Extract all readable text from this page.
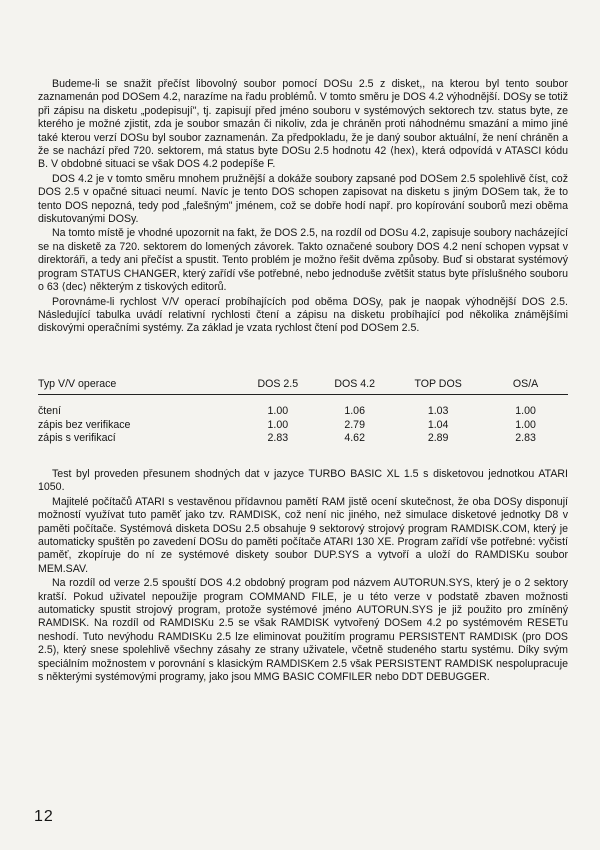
Budeme-li se snažit přečíst libovolný soubor pomocí DOSu 2.5 z disket,, na kterou byl tento soubor zaznamenán pod DOSem 4.2, narazíme na řadu problémů. V tomto směru je DOS 4.2 výhodnější. DOSy se totiž při zápisu na disketu „podepisují", tj. zapisují před jméno souboru v systémových sektorech tzv. status byte, ze kterého je možné zjistit, zda je soubor smazán či nikoliv, zda je chráněn proti náhodnému smazání a mimo jiné také kterou verzí DOSu byl soubor zaznamenán. Za předpokladu, že je daný soubor aktuální, že není chráněn a že se nachází před 720. sektorem, má status byte DOSu 2.5 hodnotu 42 ⟨hex⟩, která odpovídá v ATASCI kódu B. V obdobné situaci se však DOS 4.2 podepíše F.

DOS 4.2 je v tomto směru mnohem pružnější a dokáže soubory zapsané pod DOSem 2.5 spolehlivě číst, což DOS 2.5 v opačné situaci neumí. Navíc je tento DOS schopen zapisovat na disketu s jiným DOSem tak, že to tento DOS nepozná, tedy pod „falešným" jménem, což se dobře hodí např. pro kopírování souborů mezi oběma diskutovanými DOSy.

Na tomto místě je vhodné upozornit na fakt, že DOS 2.5, na rozdíl od DOSu 4.2, zapisuje soubory nacházející se na disketě za 720. sektorem do lomených závorek. Takto označené soubory DOS 4.2 není schopen vypsat v direktoráři, a tedy ani přečíst a spustit. Tento problém je možno řešit dvěma způsoby. Buď si obstarat systémový program STATUS CHANGER, který zařídí vše potřebné, nebo jednoduše zvětšit status byte příslušného souboru o 63 ⟨dec⟩ některým z tiskových editorů.

Porovnáme-li rychlost V/V operací probíhajících pod oběma DOSy, pak je naopak výhodnější DOS 2.5. Následující tabulka uvádí relativní rychlosti čtení a zápisu na disketu probíhající pod několika známějšími diskovými operačními systémy. Za základ je vzata rychlost čtení pod DOSem 2.5.

Typ V/V operace	DOS 2.5	DOS 4.2	TOP DOS	OS/A
čtení	1.00	1.06	1.03	1.00
zápis bez verifikace	1.00	2.79	1.04	1.00
zápis s verifikací	2.83	4.62	2.89	2.83

Test byl proveden přesunem shodných dat v jazyce TURBO BASIC XL 1.5 s disketovou jednotkou ATARI 1050.

Majitelé počítačů ATARI s vestavěnou přídavnou pamětí RAM jistě ocení skutečnost, že oba DOSy disponují možností využívat tuto paměť jako tzv. RAMDISK, což není nic jiného, než simulace disketové jednotky D8 v paměti počítače. Systémová disketa DOSu 2.5 obsahuje 9 sektorový strojový program RAMDISK.COM, který je automaticky spuštěn po zavedení DOSu do paměti počítače ATARI 130 XE. Program zařídí vše potřebné: vyčistí paměť, zkopíruje do ní ze systémové diskety soubor DUP.SYS a vytvoří a uloží do RAMDISKu soubor MEM.SAV.

Na rozdíl od verze 2.5 spouští DOS 4.2 obdobný program pod názvem AUTORUN.SYS, který je o 2 sektory kratší. Pokud uživatel nepoužije program COMMAND FILE, je u této verze v podstatě zbaven možnosti automaticky spustit strojový program, protože systémové jméno AUTORUN.SYS je již použito pro zmíněný RAMDISK. Na rozdíl od RAMDISKu 2.5 se však RAMDISK vytvořený DOSem 4.2 po systémovém RESETu neshodí. Tuto nevýhodu RAMDISKu 2.5 lze eliminovat použitím programu PERSISTENT RAMDISK (pro DOS 2.5), který snese spolehlivě všechny zásahy ze strany uživatele, včetně studeného startu systému. Díky svým speciálním možnostem v porovnání s klasickým RAMDISKem 2.5 však PERSISTENT RAMDISK nespolupracuje s některými systémovými programy, jako jsou MMG BASIC COMFILER nebo DDT DEBUGGER.

12
